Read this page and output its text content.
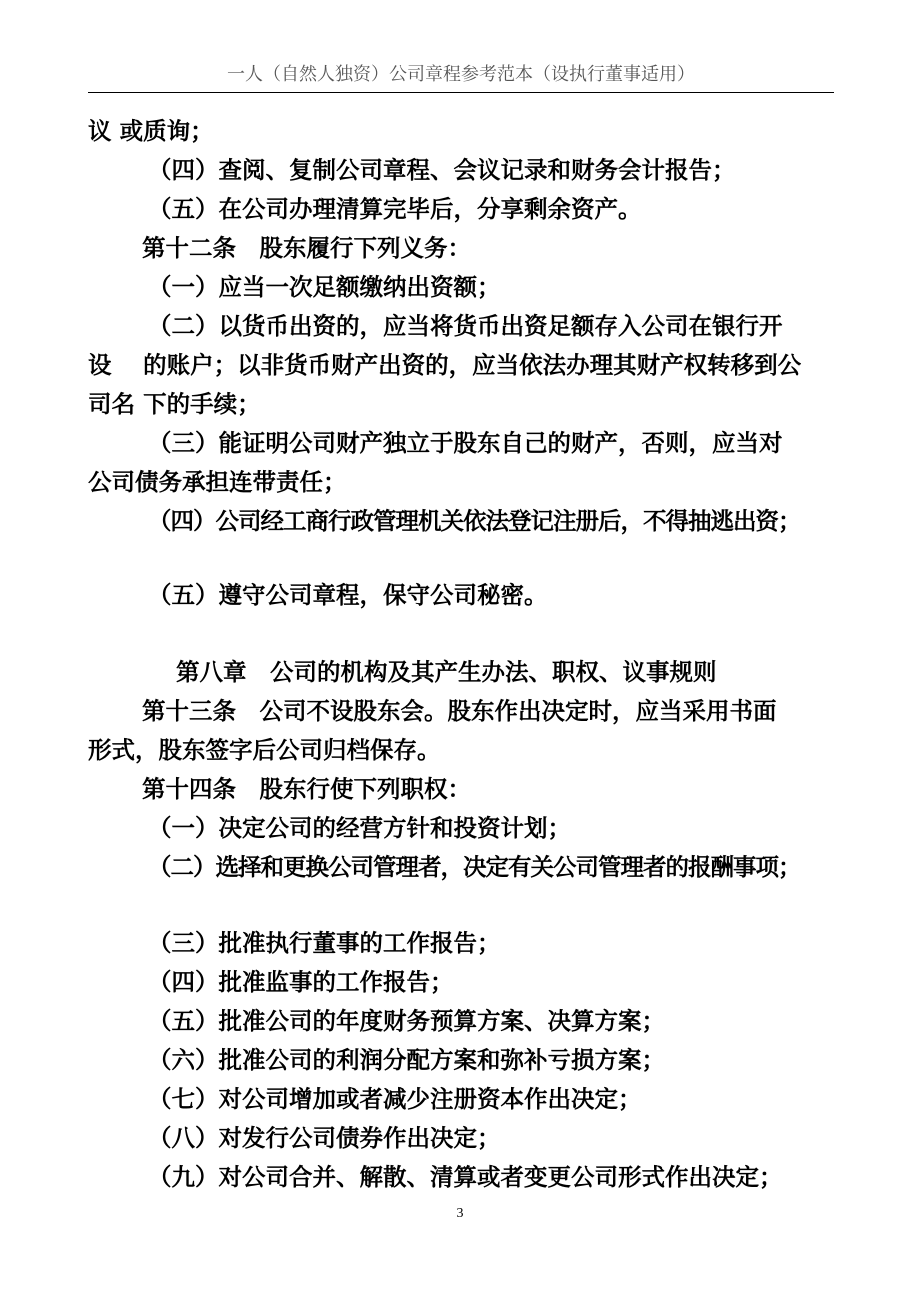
一人（自然人独资）公司章程参考范本（设执行董事适用）
议 或质询；
（四）查阅、复制公司章程、会议记录和财务会计报告；
（五）在公司办理清算完毕后，分享剩余资产。
第十二条　股东履行下列义务：
（一）应当一次足额缴纳出资额；
（二）以货币出资的，应当将货币出资足额存入公司在银行开
设　 的账户；以非货币财产出资的，应当依法办理其财产权转移到公
司名 下的手续；
（三）能证明公司财产独立于股东自己的财产，否则，应当对
公司债务承担连带责任；
（四）公司经工商行政管理机关依法登记注册后，不得抽逃出资；
（五）遵守公司章程，保守公司秘密。
第八章　公司的机构及其产生办法、职权、议事规则
第十三条　公司不设股东会。股东作出决定时，应当采用书面
形式，股东签字后公司归档保存。
第十四条　股东行使下列职权：
（一）决定公司的经营方针和投资计划；
（二）选择和更换公司管理者，决定有关公司管理者的报酬事项；
（三）批准执行董事的工作报告；
（四）批准监事的工作报告；
（五）批准公司的年度财务预算方案、决算方案；
（六）批准公司的利润分配方案和弥补亏损方案；
（七）对公司增加或者减少注册资本作出决定；
（八）对发行公司债券作出决定；
（九）对公司合并、解散、清算或者变更公司形式作出决定；
3
